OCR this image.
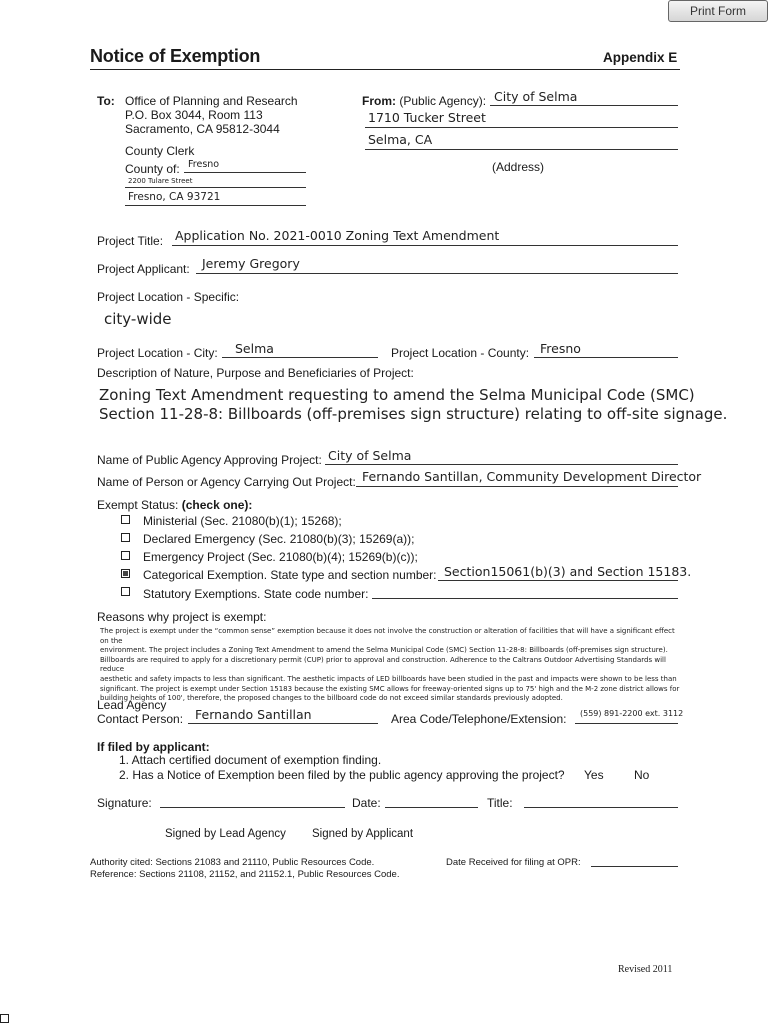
Print Form
Notice of Exemption	Appendix E
To: Office of Planning and Research
P.O. Box 3044, Room 113
Sacramento, CA 95812-3044
County Clerk
County of: Fresno
2200 Tulare Street
Fresno, CA 93721
From: (Public Agency): City of Selma
1710 Tucker Street
Selma, CA
(Address)
Project Title: Application No. 2021-0010 Zoning Text Amendment
Project Applicant: Jeremy Gregory
Project Location - Specific:
city-wide
Project Location - City: Selma	Project Location - County: Fresno
Description of Nature, Purpose and Beneficiaries of Project:
Zoning Text Amendment requesting to amend the Selma Municipal Code (SMC)
Section 11-28-8: Billboards (off-premises sign structure) relating to off-site signage.
Name of Public Agency Approving Project: City of Selma
Name of Person or Agency Carrying Out Project: Fernando Santillan, Community Development Director
Exempt Status: (check one):
Ministerial (Sec. 21080(b)(1); 15268);
Declared Emergency (Sec. 21080(b)(3); 15269(a));
Emergency Project (Sec. 21080(b)(4); 15269(b)(c));
Categorical Exemption. State type and section number: Section15061(b)(3) and Section 15183.
Statutory Exemptions. State code number:
Reasons why project is exempt:

The project is exempt under the “common sense” exemption because it does not involve the construction or alteration of facilities that will have a significant effect on the

environment. The project includes a Zoning Text Amendment to amend the Selma Municipal Code (SMC) Section 11-28-8: Billboards (off-premises sign structure).

Billboards are required to apply for a discretionary permit (CUP) prior to approval and construction. Adherence to the Caltrans Outdoor Advertising Standards will reduce

aesthetic and safety impacts to less than significant. The aesthetic impacts of LED billboards have been studied in the past and impacts were shown to be less than

significant. The project is exempt under Section 15183 because the existing SMC allows for freeway-oriented signs up to 75' high and the M-2 zone district allows for

building heights of 100', therefore, the proposed changes to the billboard code do not exceed similar standards previously adopted.

Lead Agency
Contact Person: Fernando Santillan	Area Code/Telephone/Extension: (559) 891-2200 ext. 3112
If filed by applicant:
1. Attach certified document of exemption finding.
2. Has a Notice of Exemption been filed by the public agency approving the project? Yes	No
Signature:	Date:	Title:
Signed by Lead Agency Signed by Applicant
Authority cited: Sections 21083 and 21110, Public Resources Code.
Reference: Sections 21108, 21152, and 21152.1, Public Resources Code.
Date Received for filing at OPR:
Revised 2011
